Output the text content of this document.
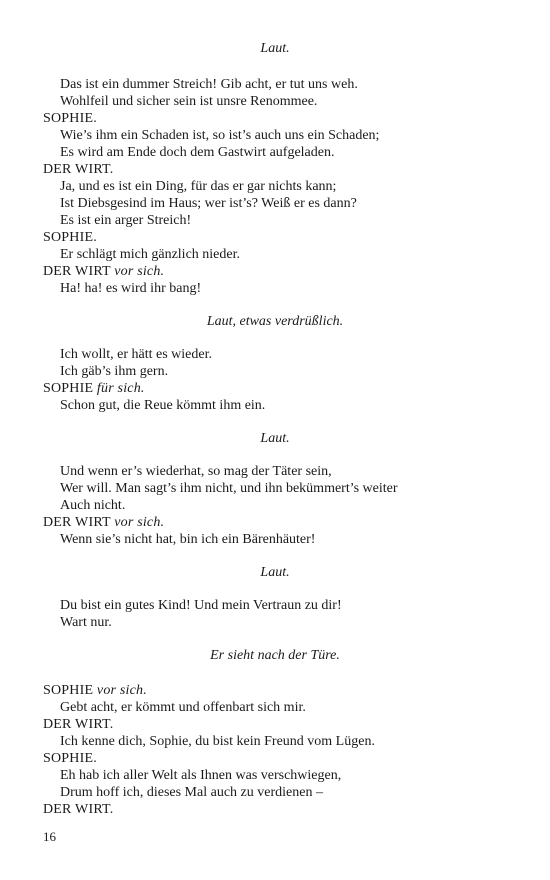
Laut.
Das ist ein dummer Streich! Gib acht, er tut uns weh.
Wohlfeil und sicher sein ist unsre Renommee.
SOPHIE.
Wie’s ihm ein Schaden ist, so ist’s auch uns ein Schaden;
Es wird am Ende doch dem Gastwirt aufgeladen.
DER WIRT.
Ja, und es ist ein Ding, für das er gar nichts kann;
Ist Diebsgesind im Haus; wer ist’s? Weiß er es dann?
Es ist ein arger Streich!
SOPHIE.
Er schlägt mich gänzlich nieder.
DER WIRT vor sich.
Ha! ha! es wird ihr bang!
Laut, etwas verdrüßlich.
Ich wollt, er hätt es wieder.
Ich gäb’s ihm gern.
SOPHIE für sich.
Schon gut, die Reue kömmt ihm ein.
Laut.
Und wenn er’s wiederhat, so mag der Täter sein,
Wer will. Man sagt’s ihm nicht, und ihn bekümmert’s weiter
Auch nicht.
DER WIRT vor sich.
Wenn sie’s nicht hat, bin ich ein Bärenhäuter!
Laut.
Du bist ein gutes Kind! Und mein Vertraun zu dir!
Wart nur.
Er sieht nach der Türe.
SOPHIE vor sich.
Gebt acht, er kömmt und offenbart sich mir.
DER WIRT.
Ich kenne dich, Sophie, du bist kein Freund vom Lügen.
SOPHIE.
Eh hab ich aller Welt als Ihnen was verschwiegen,
Drum hoff ich, dieses Mal auch zu verdienen –
DER WIRT.
16
